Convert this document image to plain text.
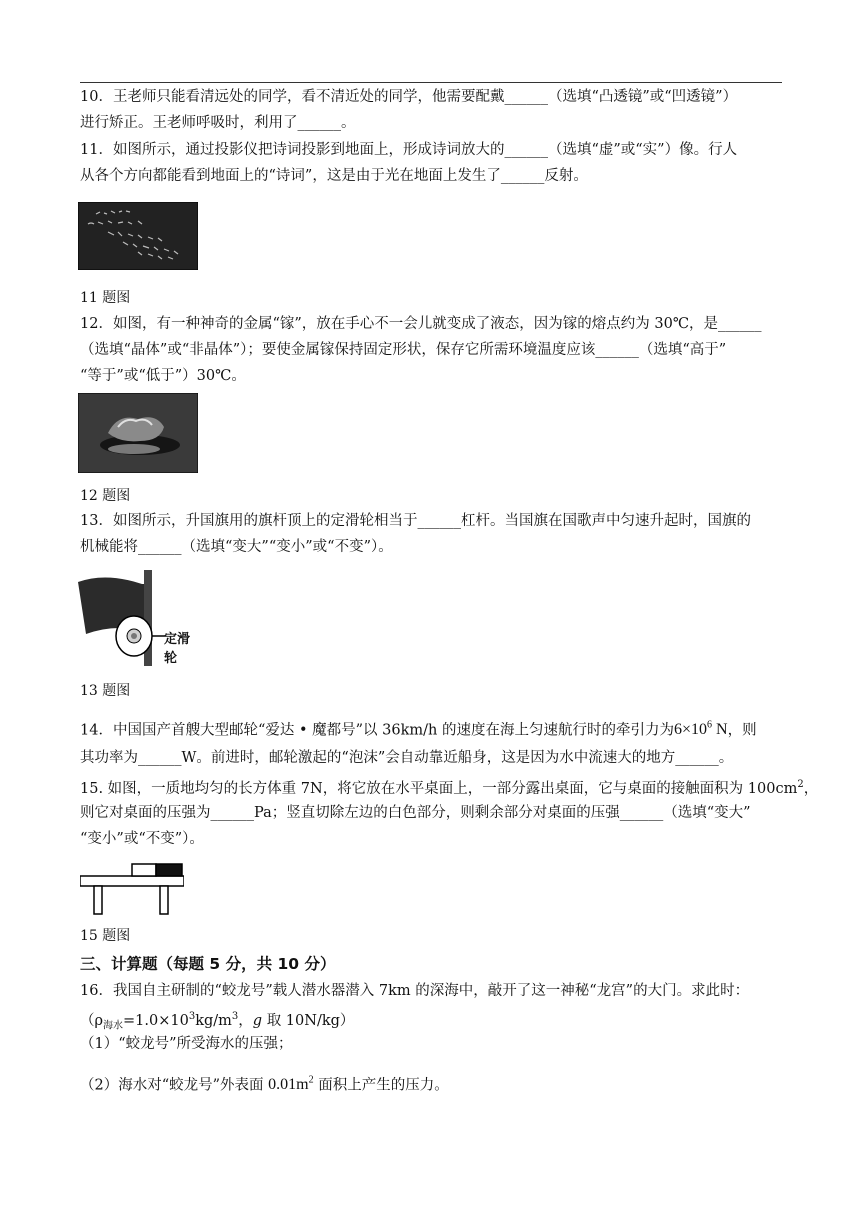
10．王老师只能看清远处的同学，看不清近处的同学，他需要配戴______（选填“凸透镜”或“凹透镜”）
进行矫正。王老师呼吸时，利用了______。
11．如图所示，通过投影仪把诗词投影到地面上，形成诗词放大的______（选填“虚”或“实”）像。行人
从各个方向都能看到地面上的“诗词”，这是由于光在地面上发生了______反射。
11 题图
12．如图，有一种神奇的金属“镓”，放在手心不一会儿就变成了液态，因为镓的熔点约为 30℃，是______
（选填“晶体”或“非晶体”）；要使金属镓保持固定形状，保存它所需环境温度应该______（选填“高于”
“等于”或“低于”）30℃。
12 题图
13．如图所示，升国旗用的旗杆顶上的定滑轮相当于______杠杆。当国旗在国歌声中匀速升起时，国旗的
机械能将______（选填“变大”“变小”或“不变”）。
定滑轮
13 题图
14．中国国产首艘大型邮轮“爱达 • 魔都号”以 36km/h 的速度在海上匀速航行时的牵引力为$6\times 10^6$ N，则
其功率为______W。前进时，邮轮激起的“泡沫”会自动靠近船身，这是因为水中流速大的地方______。
15. 如图，一质地均匀的长方体重 7N，将它放在水平桌面上，一部分露出桌面，它与桌面的接触面积为 $100cm^2$，
则它对桌面的压强为______Pa；竖直切除左边的白色部分，则剩余部分对桌面的压强______（选填“变大”
“变小”或“不变”）。
15 题图
三、计算题（每题 5 分，共 10 分）
16．我国自主研制的“蛟龙号”载人潜水器潜入 7km 的深海中，敲开了这一神秘“龙宫”的大门。求此时：
（$\rho_{海水}=1.0\times 10^3kg/m^3$，g 取 10N/kg）
（1）“蛟龙号”所受海水的压强；
（2）海水对“蛟龙号”外表面 $0.01m^2$ 面积上产生的压力。
